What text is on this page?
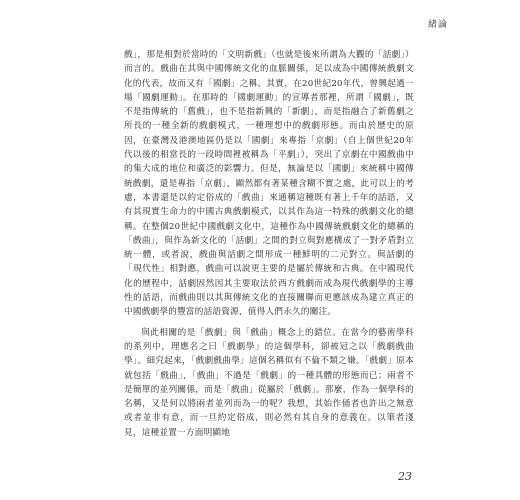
緒論

戲」，那是相對於當時的「文明新戲」（也就是後來所謂為大觀的「話劇」）而言的。戲曲在其與中國傳統文化的血脈關係，足以成為中國傳統戲劇文化的代表，故而又有「國劇」之稱。其實，在20世紀20年代，曾興起過一場「國劇運動」。在那時的「國劇運動」的宣導者那裡，所謂「國劇」，既不是指傳統的「舊戲」，也不是指新興的「新劇」，而是指融合了新舊劇之所長的一種全新的戲劇模式，一種理想中的戲劇形態。而由於歷史的原因，在臺灣及港澳地區仍是以「國劇」來專指「京劇」（自上個世紀20年代以後的相當長的一段時間裡被稱為「平劇」），突出了京劇在中國戲曲中的集大成的地位和廣泛的影響力。但是，無論是以「國劇」來統稱中國傳統戲劇，還是專指「京劇」，顯然都有著某種含糊不實之處，此可以上的考慮，本書還是以約定俗成的「戲曲」來通稱這種既有著上千年的話語，又有其現實生命力的中國古典戲劇模式，以其作為這一特殊的戲劇文化的總稱。在整個20世紀中國戲劇文化中，這種作為中國傳統戲劇文化的總稱的「戲曲」，與作為新文化的「話劇」之間的對立與對應構成了一對矛盾對立統一體，或者說，戲曲與話劇之間形成一種鮮明的二元對立。與話劇的「現代性」相對應，戲曲可以說更主要的是屬於傳統和古典。在中國現代化的歷程中，話劇固然因其主要取法於西方戲劇而成為現代戲劇學的主導性的話語，而戲曲則以其與傳統文化的直接關聯而更應該成為建立真正的中國戲劇學的豐富的話語資源，值得人們永久的關注。

與此相關的是「戲劇」與「戲曲」概念上的錯位。在當今的藝術學科的系列中，理應名之曰「戲劇學」的這個學科，卻被冠之以「戲劇戲曲學」。細究起來，「戲劇戲曲學」這個名稱似有不倫不類之嫌。「戲劇」原本就包括「戲曲」，「戲曲」不過是「戲劇」的一種具體的形態而已；兩者不是簡單的並列關係，而是「戲曲」從屬於「戲劇」。那麼，作為一個學科的名稱，又是何以將兩者並列而為一的呢？我想，其始作俑者也許出之無意或者並非有意，而一旦約定俗成，則必然有其自身的意義在。以筆者淺見，這種並置一方面明顯地

23
